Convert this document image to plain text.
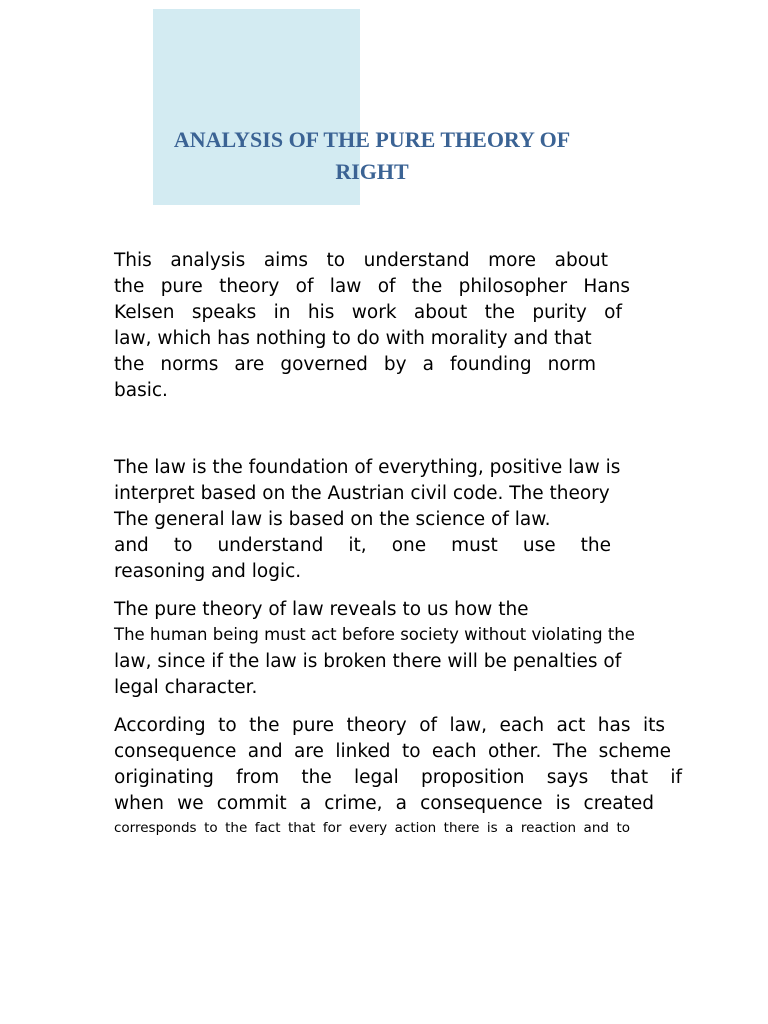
ANALYSIS OF THE PURE THEORY OF
RIGHT
This analysis aims to understand more about
the pure theory of law of the philosopher Hans
Kelsen speaks in his work about the purity of
law, which has nothing to do with morality and that
the norms are governed by a founding norm
basic.
The law is the foundation of everything, positive law is
interpret based on the Austrian civil code. The theory
The general law is based on the science of law.
and to understand it, one must use the
reasoning and logic.
The pure theory of law reveals to us how the
The human being must act before society without violating the
law, since if the law is broken there will be penalties of
legal character.
According to the pure theory of law, each act has its
consequence and are linked to each other. The scheme
originating from the legal proposition says that if
when we commit a crime, a consequence is created
corresponds to the fact that for every action there is a reaction and to
